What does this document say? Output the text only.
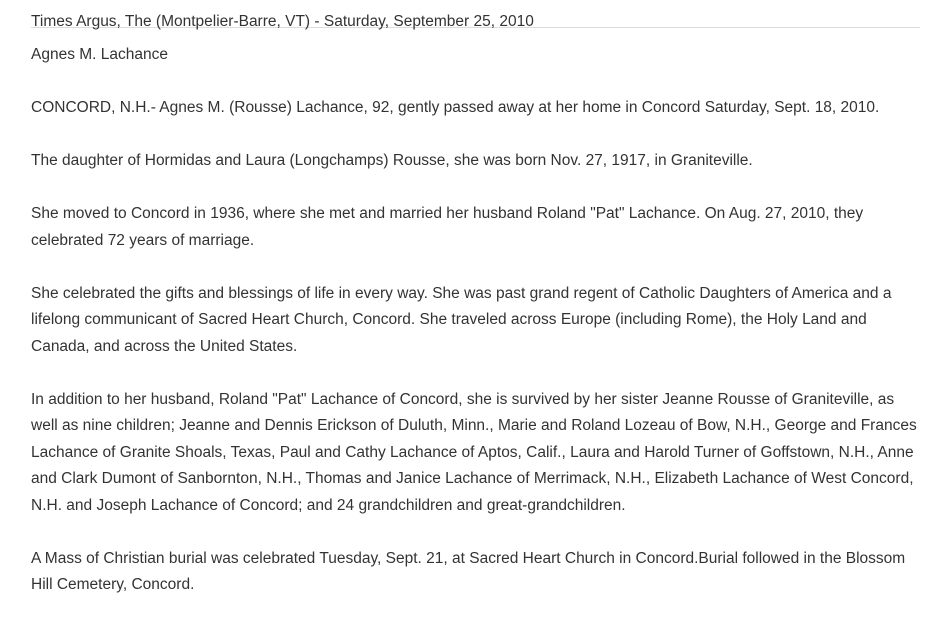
Times Argus, The (Montpelier-Barre, VT) - Saturday, September 25, 2010

Agnes M. Lachance

CONCORD, N.H.- Agnes M. (Rousse) Lachance, 92, gently passed away at her home in Concord Saturday, Sept. 18, 2010.

The daughter of Hormidas and Laura (Longchamps) Rousse, she was born Nov. 27, 1917, in Graniteville.

She moved to Concord in 1936, where she met and married her husband Roland "Pat" Lachance. On Aug. 27, 2010, they celebrated 72 years of marriage.

She celebrated the gifts and blessings of life in every way. She was past grand regent of Catholic Daughters of America and a lifelong communicant of Sacred Heart Church, Concord. She traveled across Europe (including Rome), the Holy Land and Canada, and across the United States.

In addition to her husband, Roland "Pat" Lachance of Concord, she is survived by her sister Jeanne Rousse of Graniteville, as well as nine children; Jeanne and Dennis Erickson of Duluth, Minn., Marie and Roland Lozeau of Bow, N.H., George and Frances Lachance of Granite Shoals, Texas, Paul and Cathy Lachance of Aptos, Calif., Laura and Harold Turner of Goffstown, N.H., Anne and Clark Dumont of Sanbornton, N.H., Thomas and Janice Lachance of Merrimack, N.H., Elizabeth Lachance of West Concord, N.H. and Joseph Lachance of Concord; and 24 grandchildren and great-grandchildren.

A Mass of Christian burial was celebrated Tuesday, Sept. 21, at Sacred Heart Church in Concord.Burial followed in the Blossom Hill Cemetery, Concord.
